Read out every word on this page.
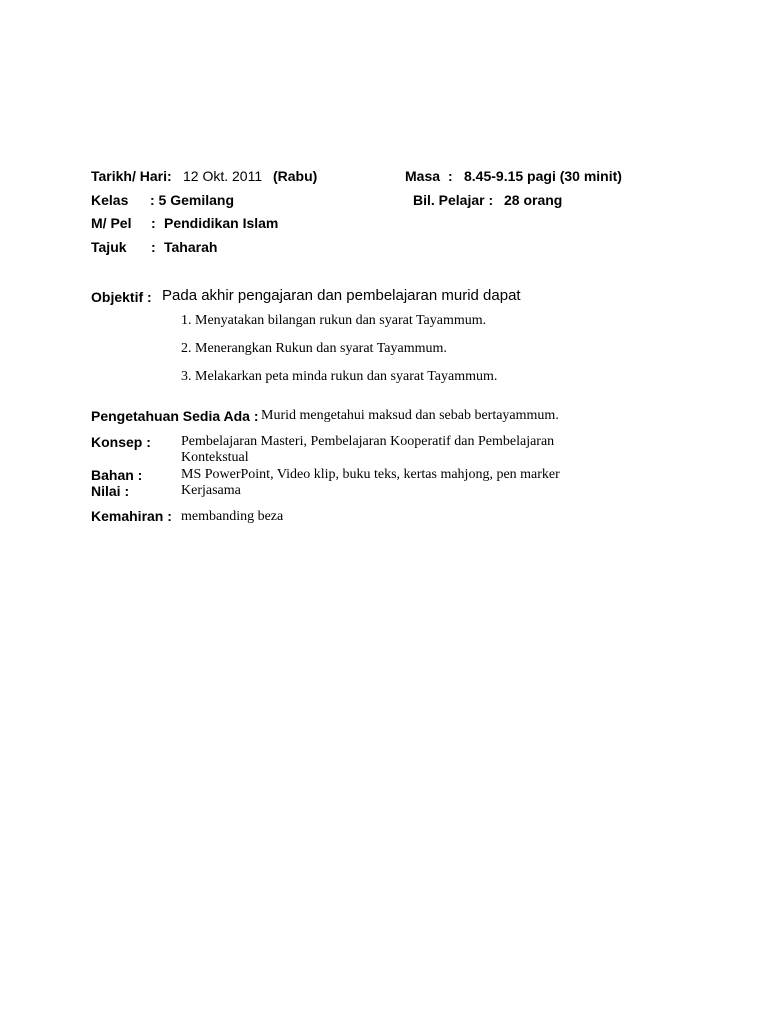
Tarikh/ Hari: 12 Okt. 2011 (Rabu)	Masa : 8.45-9.15 pagi (30 minit)
Kelas : 5 Gemilang	Bil. Pelajar : 28 orang
M/ Pel : Pendidikan Islam
Tajuk : Taharah
Objektif : Pada akhir pengajaran dan pembelajaran murid dapat
1. Menyatakan bilangan rukun dan syarat Tayammum.
2. Menerangkan Rukun dan syarat Tayammum.
3. Melakarkan peta minda rukun dan syarat Tayammum.
Pengetahuan Sedia Ada : Murid mengetahui maksud dan sebab bertayammum.
Konsep : Pembelajaran Masteri, Pembelajaran Kooperatif dan Pembelajaran
Kontekstual
Bahan :	MS PowerPoint, Video klip, buku teks, kertas mahjong, pen marker
Nilai :	Kerjasama
Kemahiran : membanding beza
